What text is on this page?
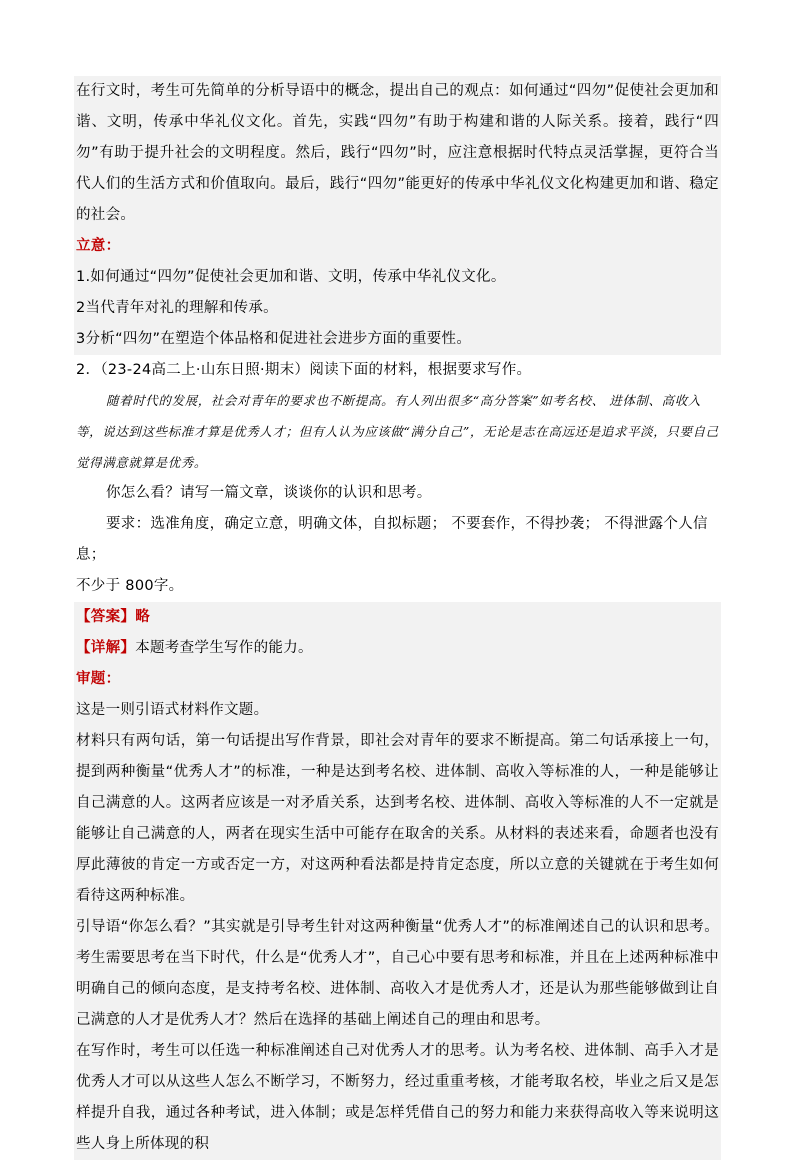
在行文时，考生可先简单的分析导语中的概念，提出自己的观点：如何通过“四勿”促使社会更加和谐、文明，传承中华礼仪文化。首先，实践“四勿”有助于构建和谐的人际关系。接着，践行“四勿”有助于提升社会的文明程度。然后，践行“四勿”时，应注意根据时代特点灵活掌握，更符合当代人们的生活方式和价值取向。最后，践行“四勿”能更好的传承中华礼仪文化构建更加和谐、稳定的社会。

立意：

1.如何通过“四勿”促使社会更加和谐、文明，传承中华礼仪文化。

2当代青年对礼的理解和传承。

3分析“四勿”在塑造个体品格和促进社会进步方面的重要性。

2．（23-24高二上·山东日照·期末）阅读下面的材料，根据要求写作。

随着时代的发展，社会对青年的要求也不断提高。有人列出很多“高分答案”如考名校、 进体制、高收入等，说达到这些标准才算是优秀人才；但有人认为应该做“满分自己”，无论是志在高远还是追求平淡，只要自己觉得满意就算是优秀。

你怎么看？请写一篇文章，谈谈你的认识和思考。

要求：选准角度，确定立意，明确文体，自拟标题； 不要套作，不得抄袭； 不得泄露个人信息；

不少于 800字。

【答案】略

【详解】本题考查学生写作的能力。

审题：

这是一则引语式材料作文题。

材料只有两句话，第一句话提出写作背景，即社会对青年的要求不断提高。第二句话承接上一句，提到两种衡量“优秀人才”的标准，一种是达到考名校、进体制、高收入等标准的人，一种是能够让自己满意的人。这两者应该是一对矛盾关系，达到考名校、进体制、高收入等标准的人不一定就是能够让自己满意的人，两者在现实生活中可能存在取舍的关系。从材料的表述来看，命题者也没有厚此薄彼的肯定一方或否定一方，对这两种看法都是持肯定态度，所以立意的关键就在于考生如何看待这两种标准。

引导语“你怎么看？”其实就是引导考生针对这两种衡量“优秀人才”的标准阐述自己的认识和思考。考生需要思考在当下时代，什么是“优秀人才”，自己心中要有思考和标准，并且在上述两种标准中明确自己的倾向态度，是支持考名校、进体制、高收入才是优秀人才，还是认为那些能够做到让自己满意的人才是优秀人才？然后在选择的基础上阐述自己的理由和思考。

在写作时，考生可以任选一种标准阐述自己对优秀人才的思考。认为考名校、进体制、高手入才是优秀人才可以从这些人怎么不断学习，不断努力，经过重重考核，才能考取名校，毕业之后又是怎样提升自我，通过各种考试，进入体制；或是怎样凭借自己的努力和能力来获得高收入等来说明这些人身上所体现的积
